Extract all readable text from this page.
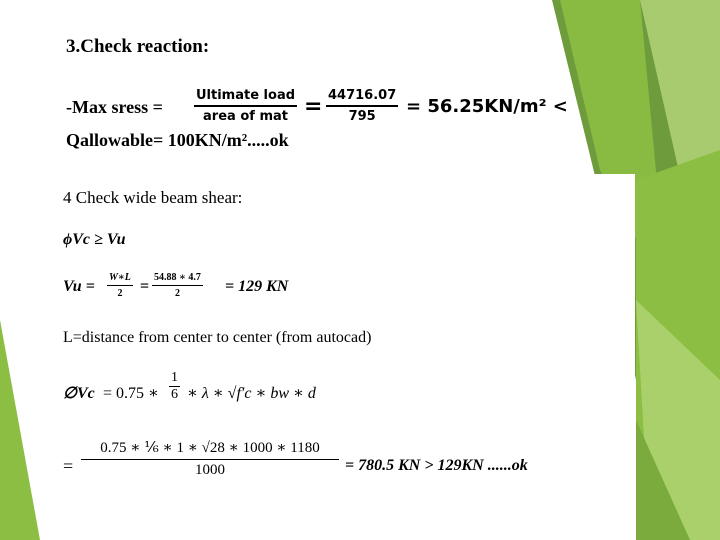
3.Check reaction:
-Max sress =
Ultimate load
area of mat = 44716.07
795	= 56.25KN/m² <
Qallowable= 100KN/m².....ok
4 Check wide beam shear:
ϕVc ≥ Vu
Vu =
W∗L
2	=
54.88 ∗ 4.7
2	= 129 KN
L=distance from center to center (from autocad)
∅Vc = 0.75 ∗
1
6 ∗ λ ∗ √f′c ∗ bw ∗ d
=
0.75 ∗ ⅙ ∗ 1 ∗ √28 ∗ 1000 ∗ 1180
1000	= 780.5 KN > 129KN ......ok
